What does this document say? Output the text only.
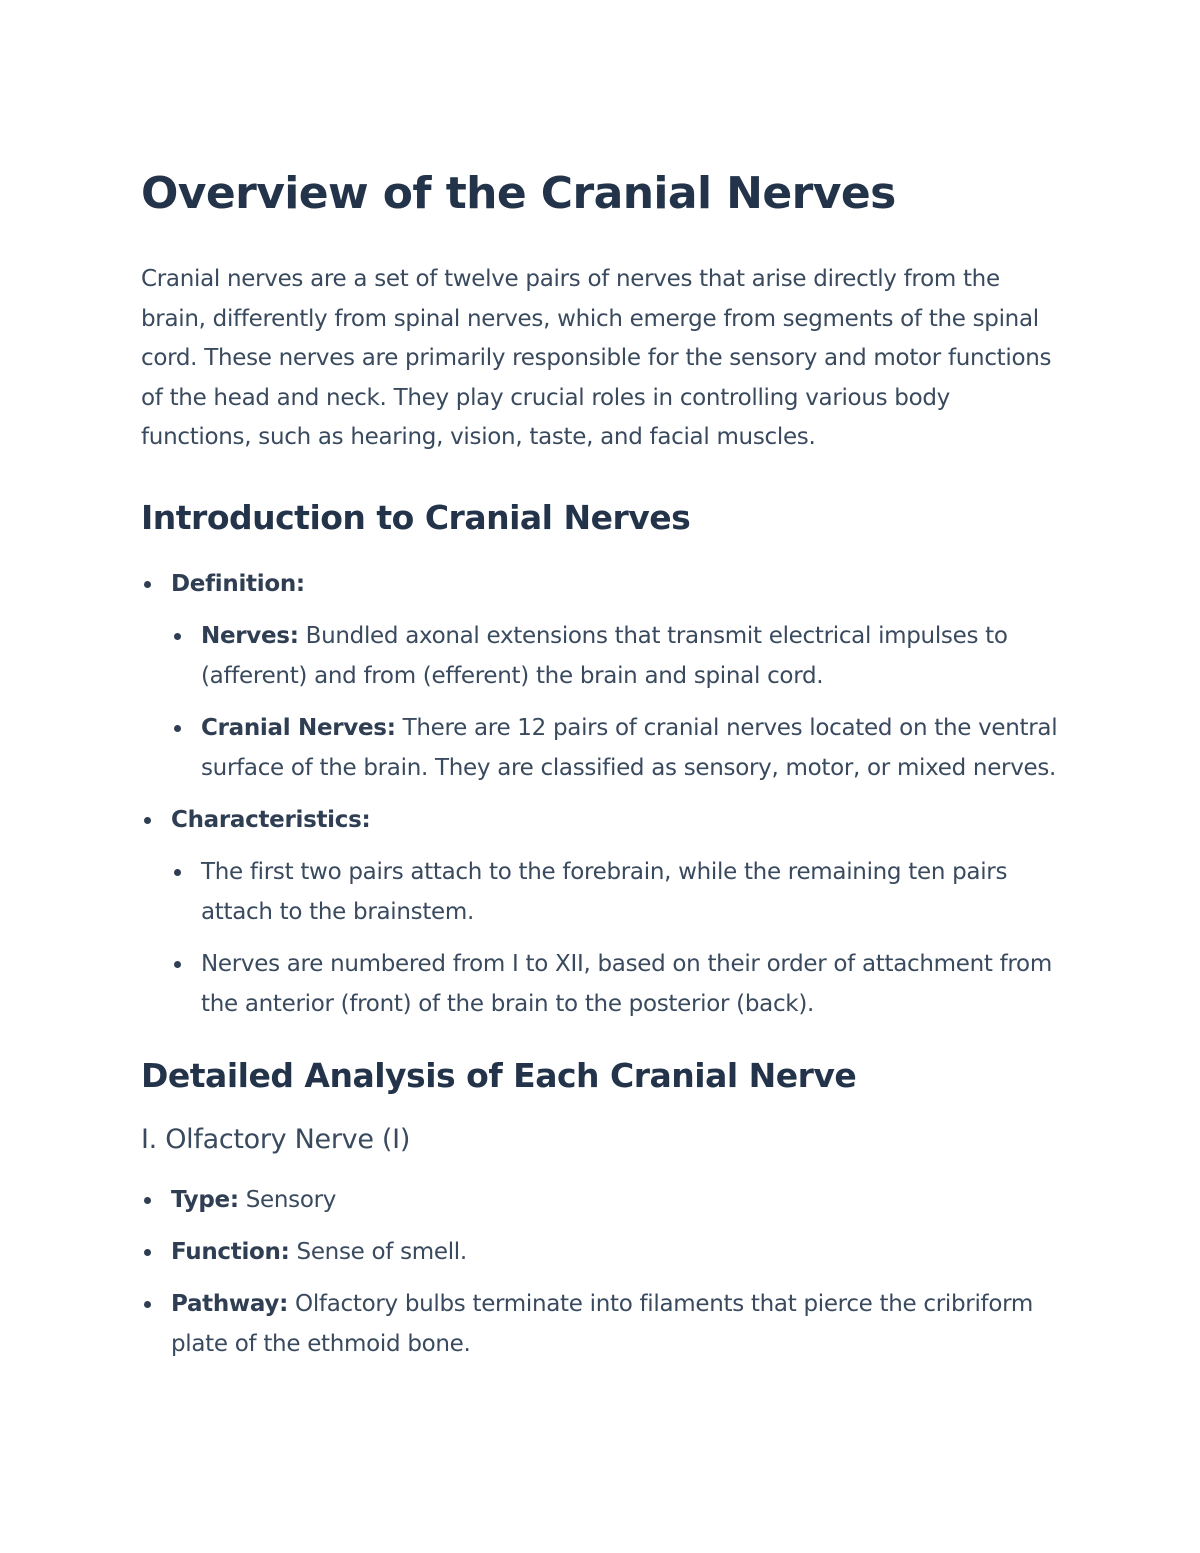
Overview of the Cranial Nerves

Cranial nerves are a set of twelve pairs of nerves that arise directly from the brain, differently from spinal nerves, which emerge from segments of the spinal cord. These nerves are primarily responsible for the sensory and motor functions of the head and neck. They play crucial roles in controlling various body functions, such as hearing, vision, taste, and facial muscles.

Introduction to Cranial Nerves
Definition:
Nerves: Bundled axonal extensions that transmit electrical impulses to (afferent) and from (efferent) the brain and spinal cord.
Cranial Nerves: There are 12 pairs of cranial nerves located on the ventral surface of the brain. They are classified as sensory, motor, or mixed nerves.
Characteristics:
The first two pairs attach to the forebrain, while the remaining ten pairs attach to the brainstem.
Nerves are numbered from I to XII, based on their order of attachment from the anterior (front) of the brain to the posterior (back).
Detailed Analysis of Each Cranial Nerve
I. Olfactory Nerve (I)
Type: Sensory
Function: Sense of smell.
Pathway: Olfactory bulbs terminate into filaments that pierce the cribriform plate of the ethmoid bone.
